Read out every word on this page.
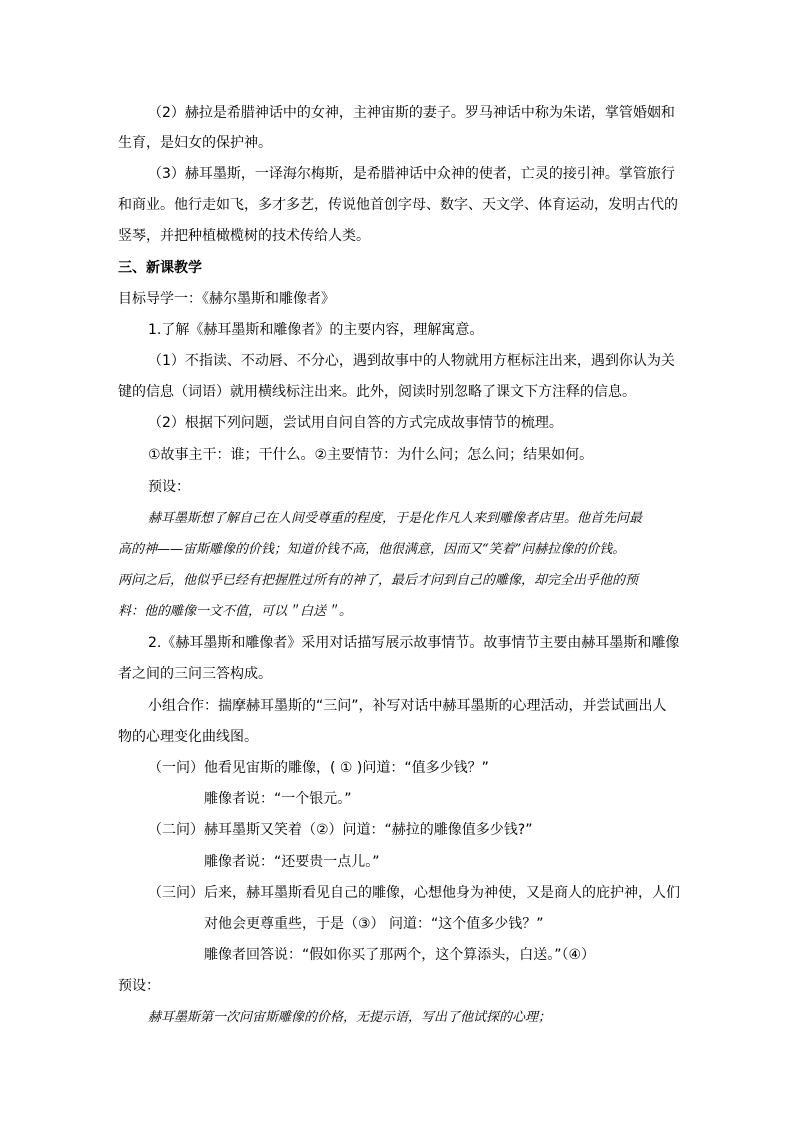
（2）赫拉是希腊神话中的女神，主神宙斯的妻子。罗马神话中称为朱诺，掌管婚姻和
生育，是妇女的保护神。
（3）赫耳墨斯，一译海尔梅斯，是希腊神话中众神的使者，亡灵的接引神。掌管旅行
和商业。他行走如飞，多才多艺，传说他首创字母、数字、天文学、体育运动，发明古代的
竖琴，并把种植橄榄树的技术传给人类。
三、新课教学
目标导学一：《赫尔墨斯和雕像者》
1.了解《赫耳墨斯和雕像者》的主要内容，理解寓意。
（1）不指读、不动唇、不分心，遇到故事中的人物就用方框标注出来，遇到你认为关
键的信息（词语）就用横线标注出来。此外，阅读时别忽略了课文下方注释的信息。
（2）根据下列问题，尝试用自问自答的方式完成故事情节的梳理。
①故事主干：谁；干什么。②主要情节：为什么问；怎么问；结果如何。
预设：
赫耳墨斯想了解自己在人间受尊重的程度，于是化作凡人来到雕像者店里。他首先问最
高的神——宙斯雕像的价钱；知道价钱不高，他很满意，因而又“笑着”问赫拉像的价钱。
两问之后，他似乎已经有把握胜过所有的神了，最后才问到自己的雕像，却完全出乎他的预
料：他的雕像一文不值，可以＂白送＂。
2.《赫耳墨斯和雕像者》采用对话描写展示故事情节。故事情节主要由赫耳墨斯和雕像
者之间的三问三答构成。
小组合作：揣摩赫耳墨斯的“三问”，补写对话中赫耳墨斯的心理活动，并尝试画出人
物的心理变化曲线图。
（一问）他看见宙斯的雕像，( ① )问道：“值多少钱？”
雕像者说：“一个银元。”
（二问）赫耳墨斯又笑着（②）问道：“赫拉的雕像值多少钱?”
雕像者说：“还要贵一点儿。”
（三问）后来，赫耳墨斯看见自己的雕像，心想他身为神使，又是商人的庇护神，人们
对他会更尊重些，于是（③） 问道：“这个值多少钱？”
雕像者回答说：“假如你买了那两个，这个算添头，白送。”（④）
预设：
赫耳墨斯第一次问宙斯雕像的价格，无提示语，写出了他试探的心理；
